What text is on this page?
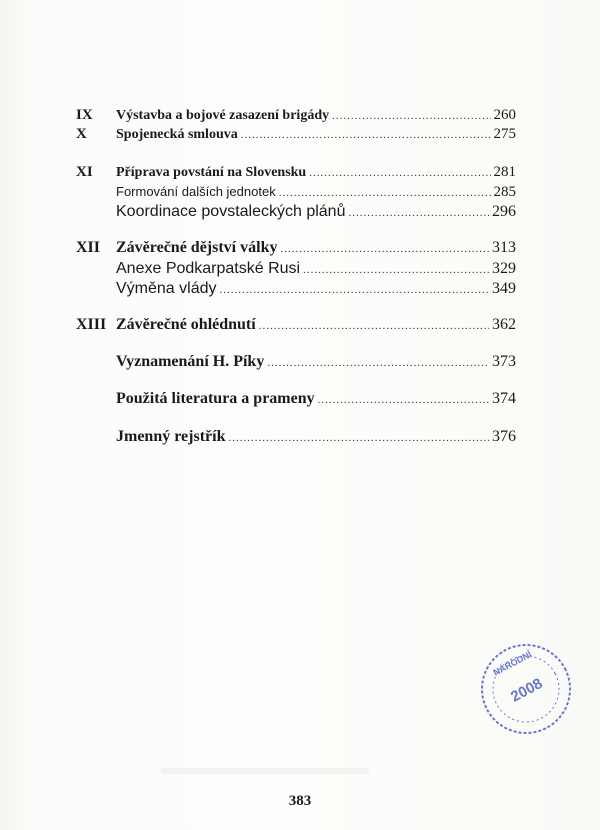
IX	Výstavba a bojové zasazení brigády .....	260
X	Spojenecká smlouva .....	275
XI	Příprava povstání na Slovensku .....	281
Formování dalších jednotek .....	285
Koordinace povstaleckých plánů .....	296
XII Závěrečné dějství války .....	313
Anexe Podkarpatské Rusi .....	329
Výměna vlády .....	349
XIII Závěrečné ohlédnutí .....	362
Vyznamenání H. Píky .....	373
Použitá literatura a prameny .....	374
Jmenný rejstřík .....	376
NÁRODNÍ
2008
383
